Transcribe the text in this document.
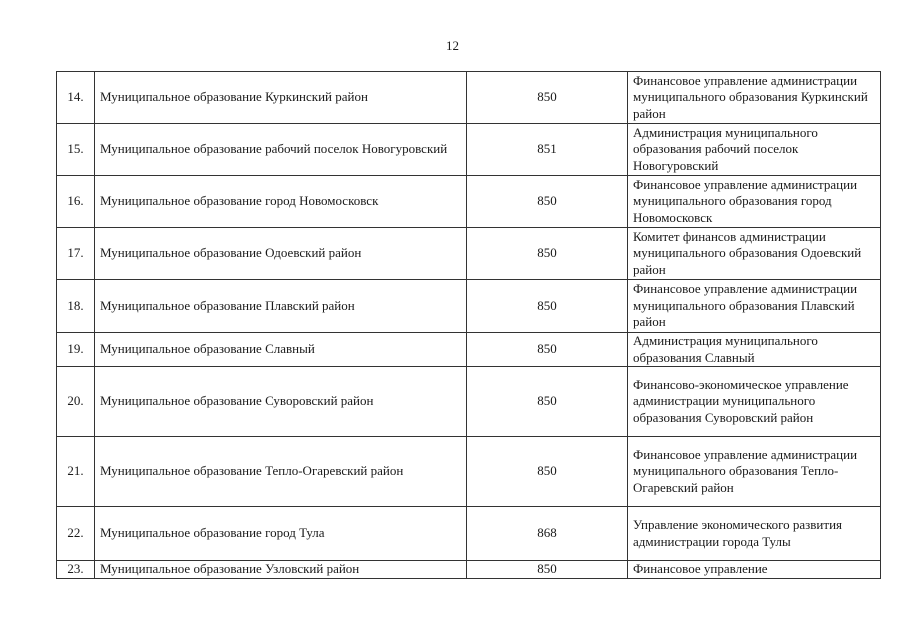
12
14.	Муниципальное образование Куркинский район	850	Финансовое управление администрации муниципального образования Куркинский район
15.	Муниципальное образование рабочий поселок Новогуровский	851	Администрация муниципального образования рабочий поселок Новогуровский
16.	Муниципальное образование город Новомосковск	850	Финансовое управление администрации муниципального образования город Новомосковск
17.	Муниципальное образование Одоевский район	850	Комитет финансов администрации муниципального образования Одоевский район
18.	Муниципальное образование Плавский район	850	Финансовое управление администрации муниципального образования Плавский район
19.	Муниципальное образование Славный	850	Администрация муниципального образования Славный
20.	Муниципальное образование Суворовский район	850	Финансово-экономическое управление администрации муниципального образования Суворовский район
21.	Муниципальное образование Тепло-Огаревский район	850	Финансовое управление администрации муниципального образования Тепло-Огаревский район
22.	Муниципальное образование город Тула	868	Управление экономического развития администрации города Тулы
23.	Муниципальное образование Узловский район	850	Финансовое управление
